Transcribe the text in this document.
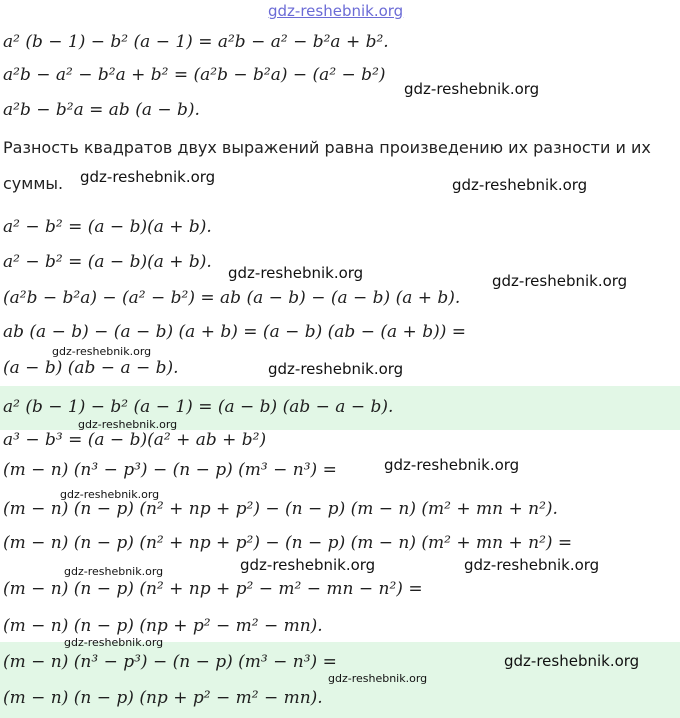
gdz-reshebnik.org
a² (b − 1) − b² (a − 1) = a²b − a² − b²a + b².
a²b − a² − b²a + b² = (a²b − b²a) − (a² − b²)
a²b − b²a = ab (a − b).
Разность квадратов двух выражений равна произведению их разности и их
суммы.
a² − b² = (a − b)(a + b).
a² − b² = (a − b)(a + b).
(a²b − b²a) − (a² − b²) = ab (a − b) − (a − b) (a + b).
ab (a − b) − (a − b) (a + b) = (a − b) (ab − (a + b)) =
(a − b) (ab − a − b).
a² (b − 1) − b² (a − 1) = (a − b) (ab − a − b).
a³ − b³ = (a − b)(a² + ab + b²)
(m − n) (n³ − p³) − (n − p) (m³ − n³) =
(m − n) (n − p) (n² + np + p²) − (n − p) (m − n) (m² + mn + n²).
(m − n) (n − p) (n² + np + p²) − (n − p) (m − n) (m² + mn + n²) =
(m − n) (n − p) (n² + np + p² − m² − mn − n²) =
(m − n) (n − p) (np + p² − m² − mn).
(m − n) (n³ − p³) − (n − p) (m³ − n³) =
(m − n) (n − p) (np + p² − m² − mn).
gdz-reshebnik.org
gdz-reshebnik.org	gdz-reshebnik.org
gdz-reshebnik.org	gdz-reshebnik.org
gdz-reshebnik.org
gdz-reshebnik.org
gdz-reshebnik.org
gdz-reshebnik.org
gdz-reshebnik.org
gdz-reshebnik.org	gdz-reshebnik.org	gdz-reshebnik.org
gdz-reshebnik.org
gdz-reshebnik.org
gdz-reshebnik.org
